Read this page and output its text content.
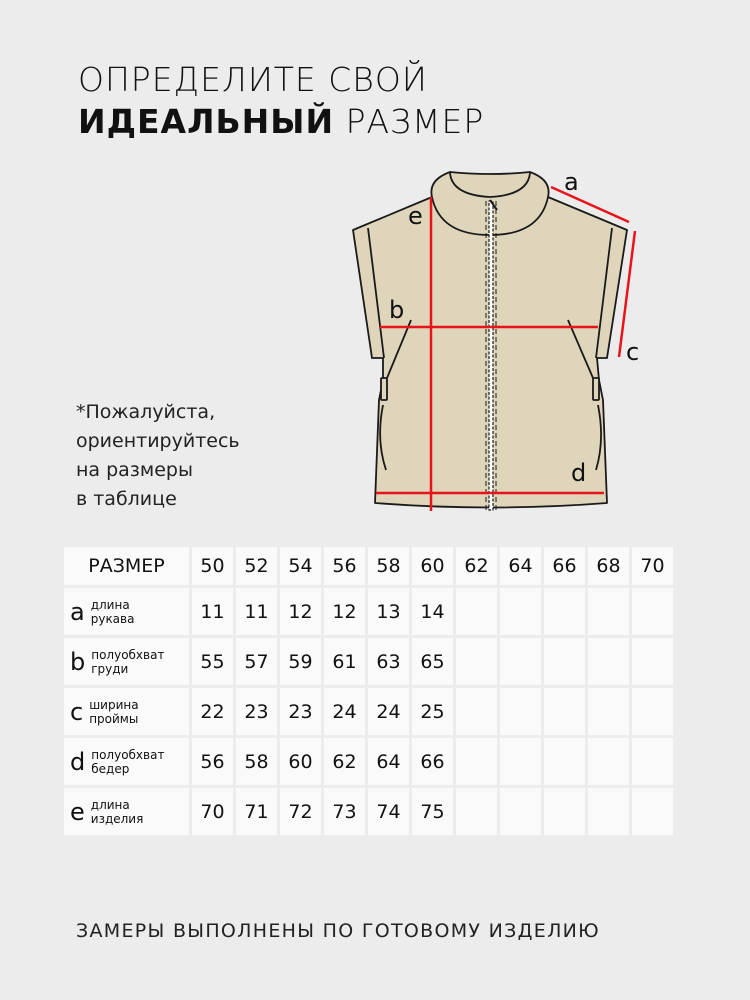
ОПРЕДЕЛИТЕ СВОЙ
ИДЕАЛЬНЫЙ РАЗМЕР
*Пожалуйста,
ориентируйтесь
на размеры
в таблице
a
e
b
c
d
РАЗМЕР	50	52	54	56	58	60	62	64	66	68	70
a длина
рукава	11	11	12	12	13	14
b полуобхват
груди	55	57	59	61	63	65
c ширина
проймы	22	23	23	24	24	25
d полуобхват
бедер	56	58	60	62	64	66
e длина
изделия	70	71	72	73	74	75
ЗАМЕРЫ ВЫПОЛНЕНЫ ПО ГОТОВОМУ ИЗДЕЛИЮ
